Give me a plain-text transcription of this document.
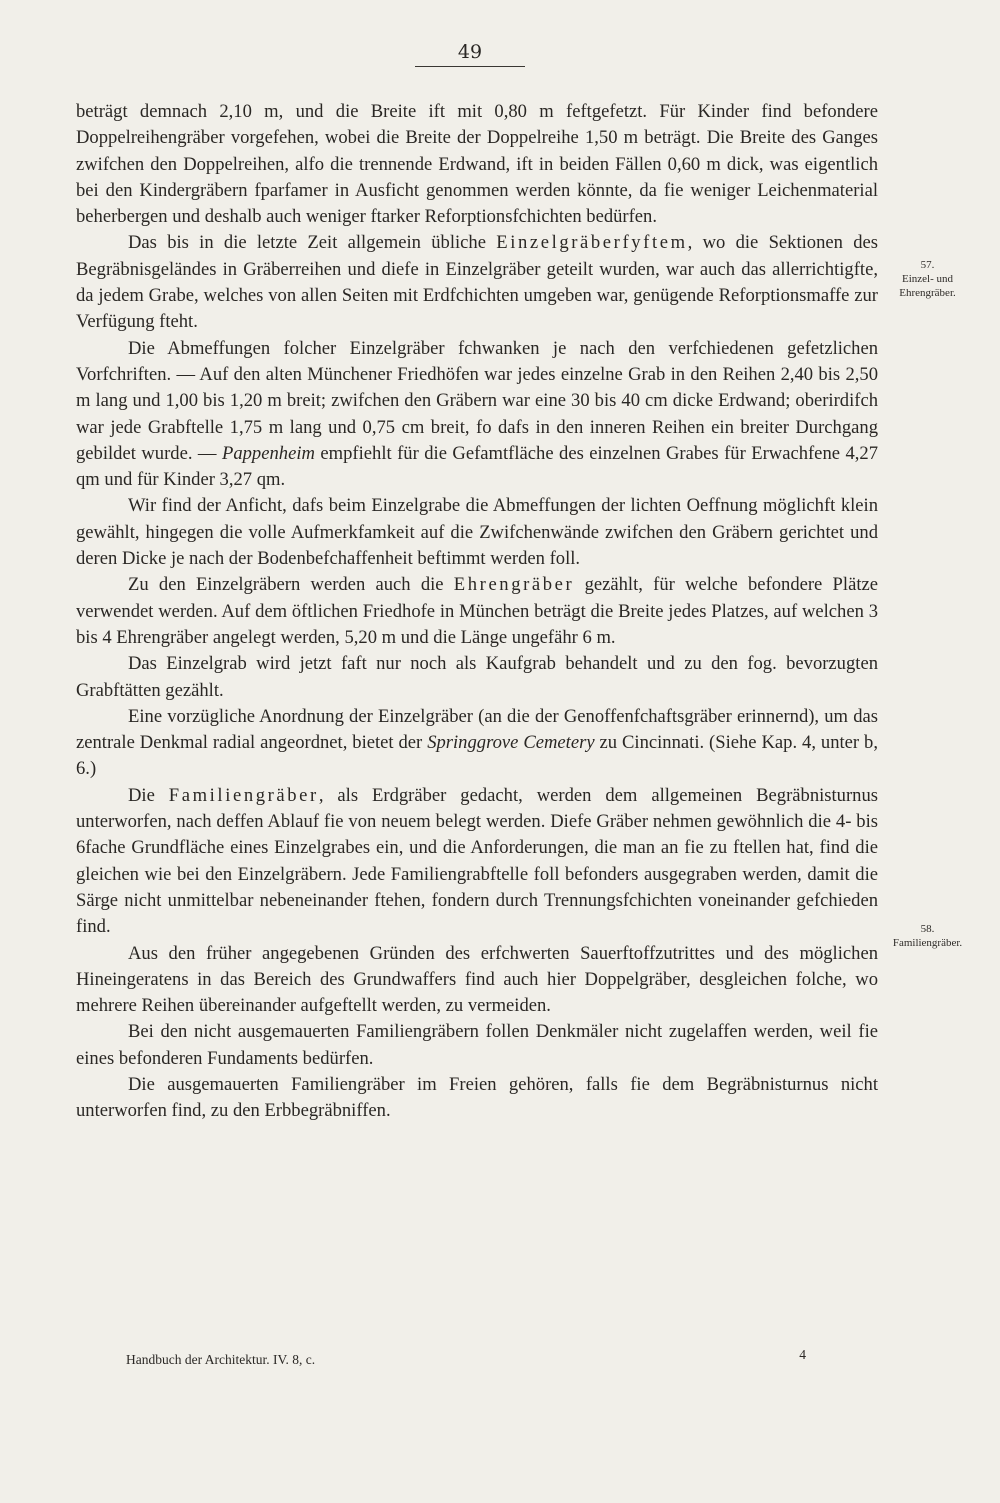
49

beträgt demnach 2,10 m, und die Breite ift mit 0,80 m feftgefetzt. Für Kinder find befondere Doppelreihengräber vorgefehen, wobei die Breite der Doppelreihe 1,50 m beträgt. Die Breite des Ganges zwifchen den Doppelreihen, alfo die trennende Erdwand, ift in beiden Fällen 0,60 m dick, was eigentlich bei den Kindergräbern fparfamer in Ausficht genommen werden könnte, da fie weniger Leichenmaterial beherbergen und deshalb auch weniger ftarker Reforptionsfchichten bedürfen.

Das bis in die letzte Zeit allgemein übliche Einzelgräberfyftem, wo die Sektionen des Begräbnisgeländes in Gräberreihen und diefe in Einzelgräber geteilt wurden, war auch das allerrichtigfte, da jedem Grabe, welches von allen Seiten mit Erdfchichten umgeben war, genügende Reforptionsmaffe zur Verfügung fteht.

Die Abmeffungen folcher Einzelgräber fchwanken je nach den verfchiedenen gefetzlichen Vorfchriften. — Auf den alten Münchener Friedhöfen war jedes einzelne Grab in den Reihen 2,40 bis 2,50 m lang und 1,00 bis 1,20 m breit; zwifchen den Gräbern war eine 30 bis 40 cm dicke Erdwand; oberirdifch war jede Grabftelle 1,75 m lang und 0,75 cm breit, fo dafs in den inneren Reihen ein breiter Durchgang gebildet wurde. — Pappenheim empfiehlt für die Gefamtfläche des einzelnen Grabes für Erwachfene 4,27 qm und für Kinder 3,27 qm.

Wir find der Anficht, dafs beim Einzelgrabe die Abmeffungen der lichten Oeffnung möglichft klein gewählt, hingegen die volle Aufmerkfamkeit auf die Zwifchenwände zwifchen den Gräbern gerichtet und deren Dicke je nach der Bodenbefchaffenheit beftimmt werden foll.

Zu den Einzelgräbern werden auch die Ehrengräber gezählt, für welche befondere Plätze verwendet werden. Auf dem öftlichen Friedhofe in München beträgt die Breite jedes Platzes, auf welchen 3 bis 4 Ehrengräber angelegt werden, 5,20 m und die Länge ungefähr 6 m.

Das Einzelgrab wird jetzt faft nur noch als Kaufgrab behandelt und zu den fog. bevorzugten Grabftätten gezählt.

Eine vorzügliche Anordnung der Einzelgräber (an die der Genoffenfchaftsgräber erinnernd), um das zentrale Denkmal radial angeordnet, bietet der Springgrove Cemetery zu Cincinnati. (Siehe Kap. 4, unter b, 6.)

Die Familiengräber, als Erdgräber gedacht, werden dem allgemeinen Begräbnisturnus unterworfen, nach deffen Ablauf fie von neuem belegt werden. Diefe Gräber nehmen gewöhnlich die 4- bis 6fache Grundfläche eines Einzelgrabes ein, und die Anforderungen, die man an fie zu ftellen hat, find die gleichen wie bei den Einzelgräbern. Jede Familiengrabftelle foll befonders ausgegraben werden, damit die Särge nicht unmittelbar nebeneinander ftehen, fondern durch Trennungsfchichten voneinander gefchieden find.

Aus den früher angegebenen Gründen des erfchwerten Sauerftoffzutrittes und des möglichen Hineingeratens in das Bereich des Grundwaffers find auch hier Doppelgräber, desgleichen folche, wo mehrere Reihen übereinander aufgeftellt werden, zu vermeiden.

Bei den nicht ausgemauerten Familiengräbern follen Denkmäler nicht zugelaffen werden, weil fie eines befonderen Fundaments bedürfen.

Die ausgemauerten Familiengräber im Freien gehören, falls fie dem Begräbnisturnus nicht unterworfen find, zu den Erbbegräbniffen.

57.
Einzel- und Ehrengräber.
58.
Familiengräber.
Handbuch der Architektur. IV. 8, c.	4
